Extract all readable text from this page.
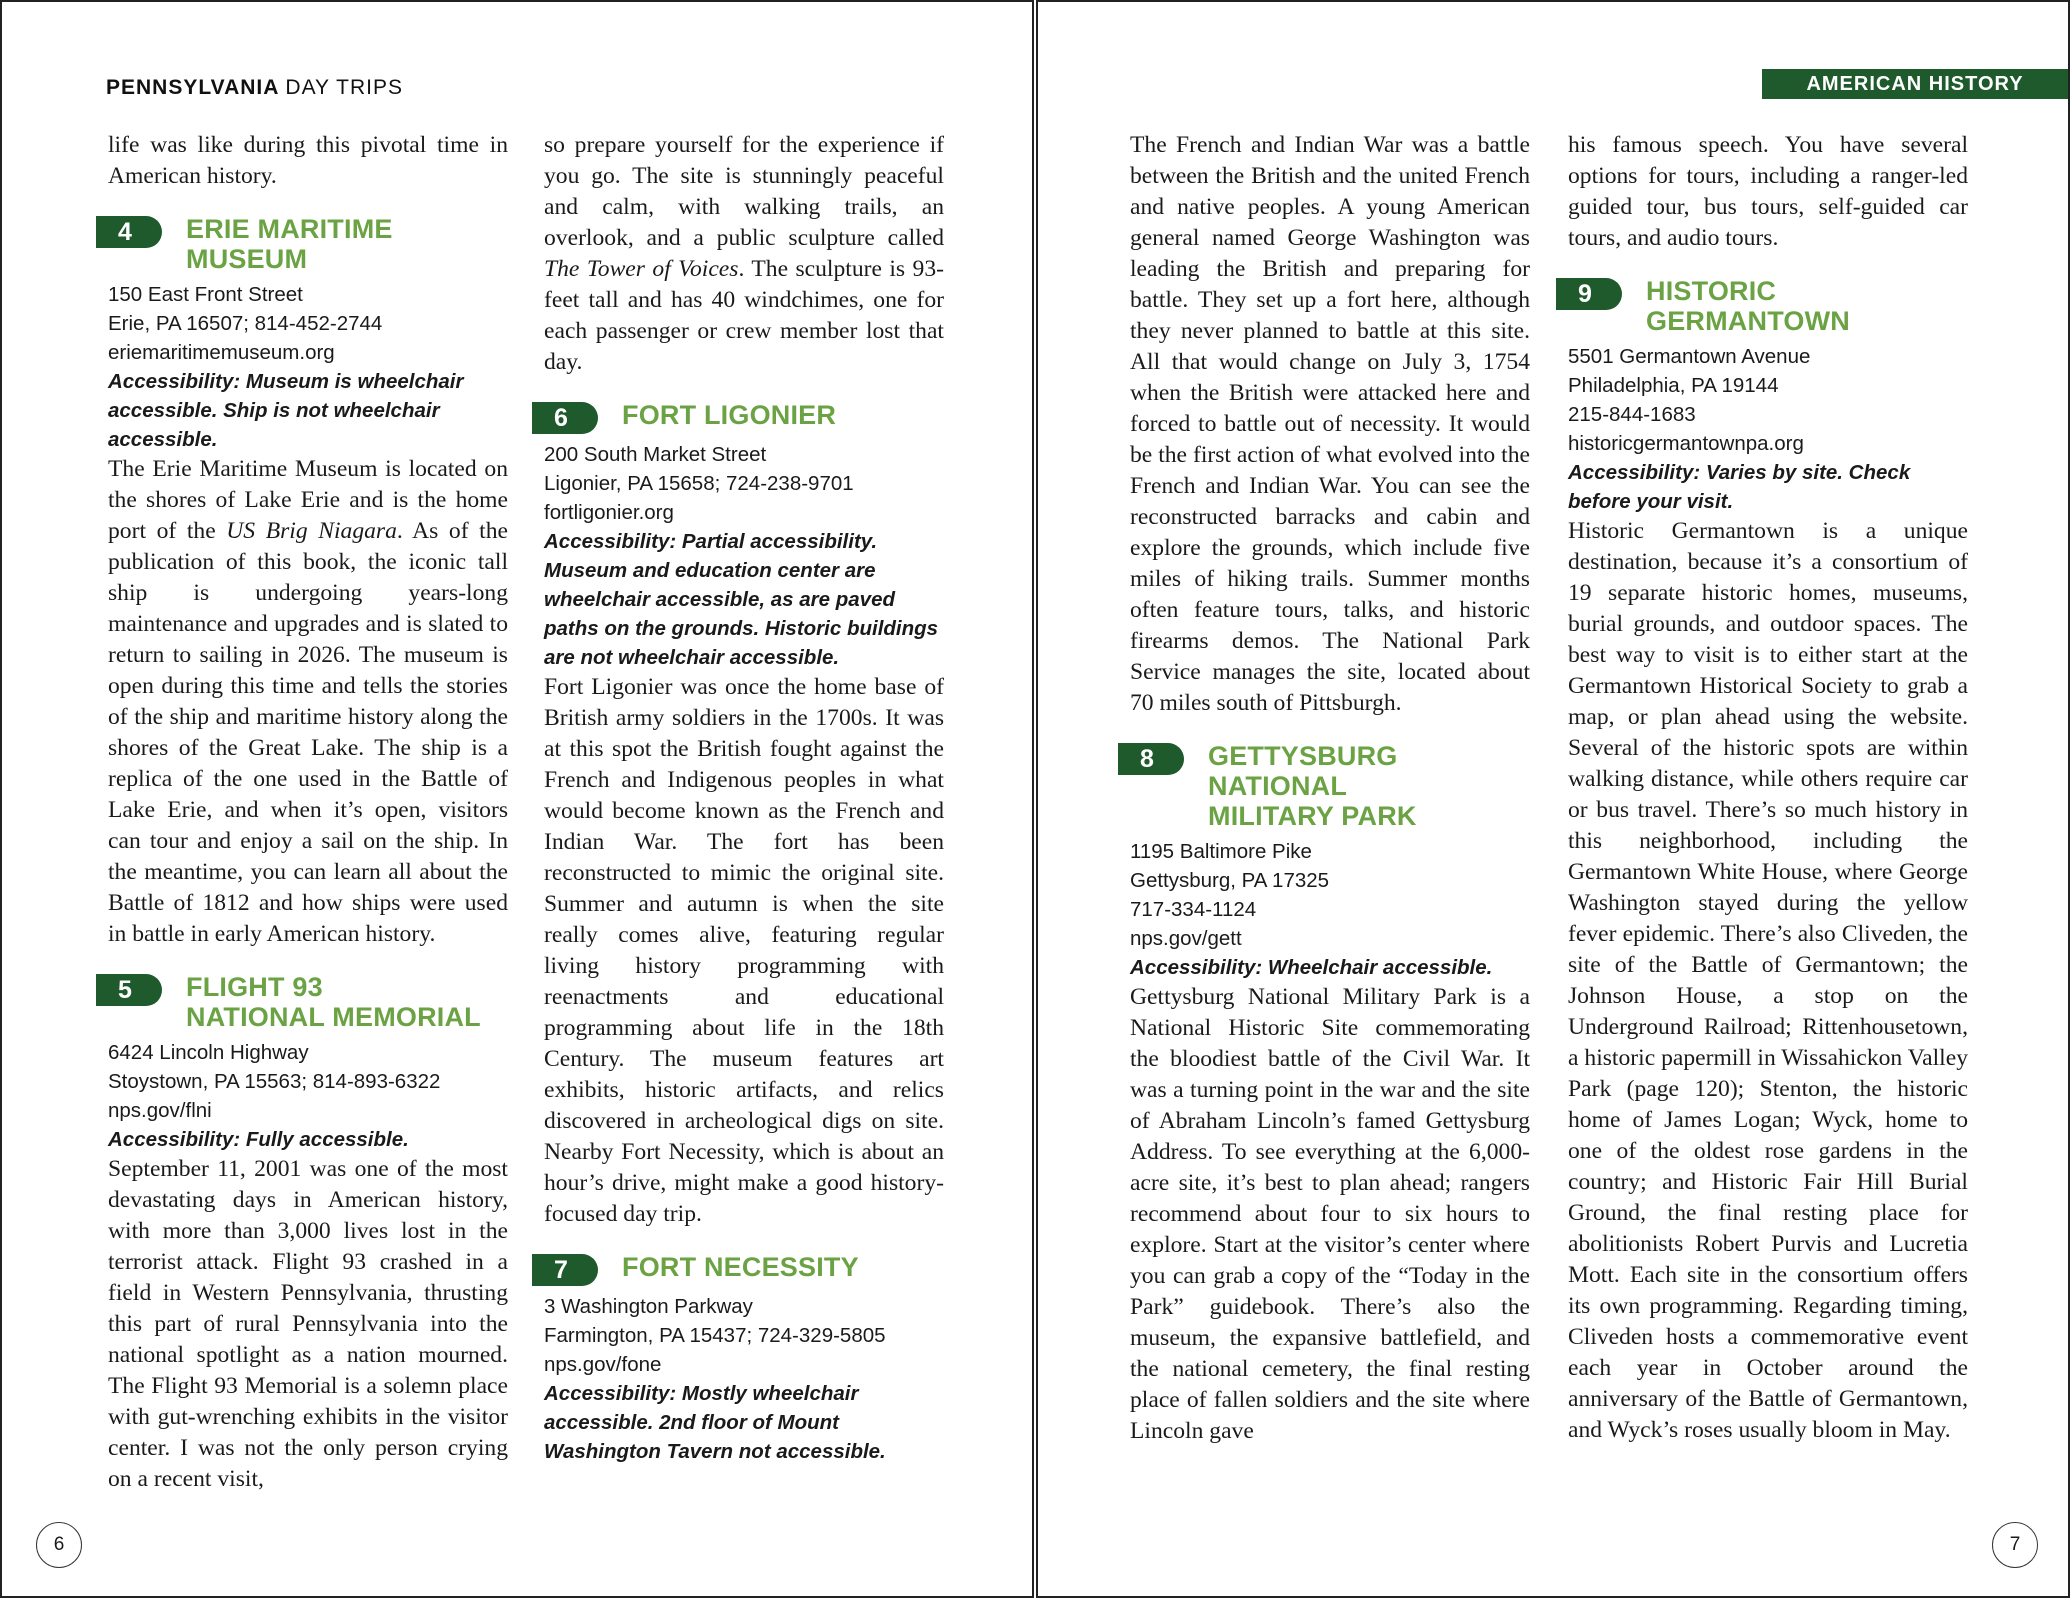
PENNSYLVANIA DAY TRIPS

life was like during this pivotal time in American history.

4	ERIE MARITIME MUSEUM
150 East Front Street
Erie, PA 16507; 814-452-2744
eriemaritimemuseum.org
Accessibility: Museum is wheelchair accessible. Ship is not wheelchair accessible.

The Erie Maritime Museum is located on the shores of Lake Erie and is the home port of the US Brig Niagara. As of the publication of this book, the iconic tall ship is undergoing years-long maintenance and upgrades and is slated to return to sailing in 2026. The museum is open during this time and tells the stories of the ship and maritime history along the shores of the Great Lake. The ship is a replica of the one used in the Battle of Lake Erie, and when it’s open, visitors can tour and enjoy a sail on the ship. In the meantime, you can learn all about the Battle of 1812 and how ships were used in battle in early American history.

5	FLIGHT 93
NATIONAL MEMORIAL
6424 Lincoln Highway
Stoystown, PA 15563; 814-893-6322
nps.gov/flni
Accessibility: Fully accessible.

September 11, 2001 was one of the most devastating days in American history, with more than 3,000 lives lost in the terrorist attack. Flight 93 crashed in a field in Western Pennsylvania, thrusting this part of rural Pennsylvania into the national spotlight as a nation mourned. The Flight 93 Memorial is a solemn place with gut-wrenching exhibits in the visitor center. I was not the only person crying on a recent visit,

so prepare yourself for the experience if you go. The site is stunningly peaceful and calm, with walking trails, an overlook, and a public sculpture called The Tower of Voices. The sculpture is 93-feet tall and has 40 windchimes, one for each passenger or crew member lost that day.

6	FORT LIGONIER
200 South Market Street
Ligonier, PA 15658; 724-238-9701
fortligonier.org
Accessibility: Partial accessibility. Museum and education center are wheelchair accessible, as are paved paths on the grounds. Historic buildings are not wheelchair accessible.

Fort Ligonier was once the home base of British army soldiers in the 1700s. It was at this spot the British fought against the French and Indigenous peoples in what would become known as the French and Indian War. The fort has been reconstructed to mimic the original site. Summer and autumn is when the site really comes alive, featuring regular living history programming with reenactments and educational programming about life in the 18th Century. The museum features art exhibits, historic artifacts, and relics discovered in archeological digs on site. Nearby Fort Necessity, which is about an hour’s drive, might make a good history-focused day trip.

7	FORT NECESSITY
3 Washington Parkway
Farmington, PA 15437; 724-329-5805
nps.gov/fone
Accessibility: Mostly wheelchair accessible. 2nd floor of Mount Washington Tavern not accessible.
6
AMERICAN HISTORY

The French and Indian War was a battle between the British and the united French and native peoples. A young American general named George Washington was leading the British and preparing for battle. They set up a fort here, although they never planned to battle at this site. All that would change on July 3, 1754 when the British were attacked here and forced to battle out of necessity. It would be the first action of what evolved into the French and Indian War. You can see the reconstructed barracks and cabin and explore the grounds, which include five miles of hiking trails. Summer months often feature tours, talks, and historic firearms demos. The National Park Service manages the site, located about 70 miles south of Pittsburgh.

8	GETTYSBURG
NATIONAL
MILITARY PARK
1195 Baltimore Pike
Gettysburg, PA 17325
717-334-1124
nps.gov/gett
Accessibility: Wheelchair accessible.

Gettysburg National Military Park is a National Historic Site commemorating the bloodiest battle of the Civil War. It was a turning point in the war and the site of Abraham Lincoln’s famed Gettysburg Address. To see everything at the 6,000-acre site, it’s best to plan ahead; rangers recommend about four to six hours to explore. Start at the visitor’s center where you can grab a copy of the “Today in the Park” guidebook. There’s also the museum, the expansive battlefield, and the national cemetery, the final resting place of fallen soldiers and the site where Lincoln gave

his famous speech. You have several options for tours, including a ranger-led guided tour, bus tours, self-guided car tours, and audio tours.

9	HISTORIC GERMANTOWN
5501 Germantown Avenue
Philadelphia, PA 19144
215-844-1683
historicgermantownpa.org
Accessibility: Varies by site. Check before your visit.

Historic Germantown is a unique destination, because it’s a consortium of 19 separate historic homes, museums, burial grounds, and outdoor spaces. The best way to visit is to either start at the Germantown Historical Society to grab a map, or plan ahead using the website. Several of the historic spots are within walking distance, while others require car or bus travel. There’s so much history in this neighborhood, including the Germantown White House, where George Washington stayed during the yellow fever epidemic. There’s also Cliveden, the site of the Battle of Germantown; the Johnson House, a stop on the Underground Railroad; Rittenhousetown, a historic papermill in Wissahickon Valley Park (page 120); Stenton, the historic home of James Logan; Wyck, home to one of the oldest rose gardens in the country; and Historic Fair Hill Burial Ground, the final resting place for abolitionists Robert Purvis and Lucretia Mott. Each site in the consortium offers its own programming. Regarding timing, Cliveden hosts a commemorative event each year in October around the anniversary of the Battle of Germantown, and Wyck’s roses usually bloom in May.

7
